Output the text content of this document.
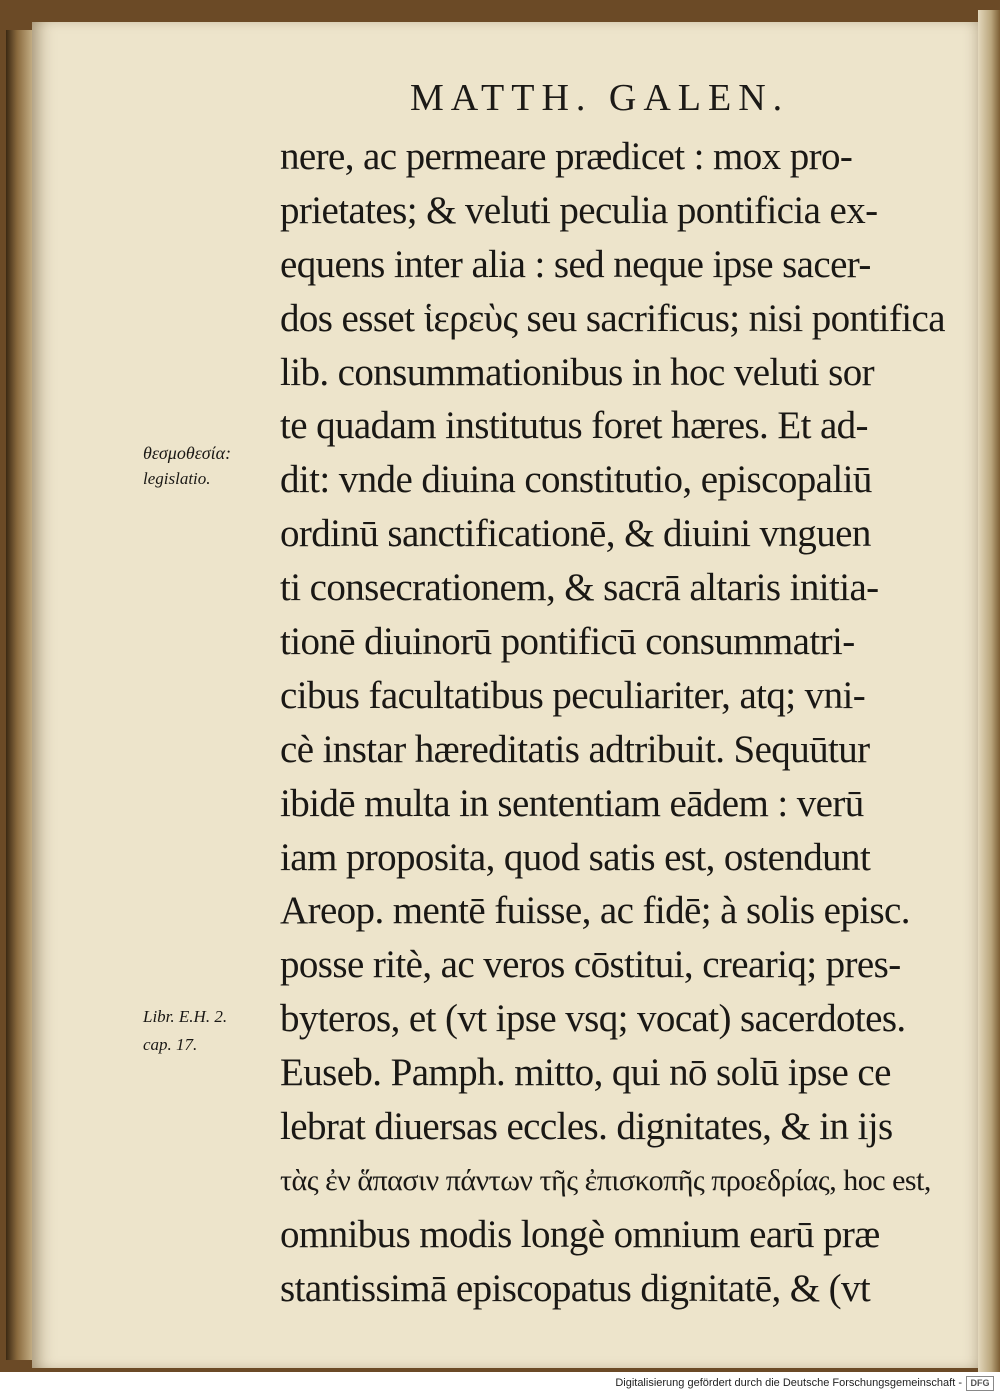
MATTH. GALEN.
θεσμοθεσία:
legislatio.
Libr. E.H. 2.
cap. 17.
nere, ac permeare prædicet : mox pro-
prietates; & veluti peculia pontificia ex-
equens inter alia : sed neque ipse sacer-
dos esset ἱερεὺς seu sacrificus; nisi pontifica
lib. consummationibus in hoc veluti sor
te quadam institutus foret hæres. Et ad-
dit: vnde diuina constitutio, episcopaliū
ordinū sanctificationē, & diuini vnguen
ti consecrationem, & sacrā altaris initia-
tionē diuinorū pontificū consummatri-
cibus facultatibus peculiariter, atq; vni-
cè instar hæreditatis adtribuit. Sequūtur
ibidē multa in sententiam eādem : verū
iam proposita, quod satis est, ostendunt
Areop. mentē fuisse, ac fidē; à solis episc.
posse ritè, ac veros cōstitui, creariq; pres-
byteros, et (vt ipse vsq; vocat) sacerdotes.
Euseb. Pamph. mitto, qui nō solū ipse ce
lebrat diuersas eccles. dignitates, & in ijs
τὰς ἐν ἅπασιν πάντων τῆς ἐπισκοπῆς προεδρίας, hoc est,
omnibus modis longè omnium earū præ
stantissimā episcopatus dignitatē, & (vt
Digitalisierung gefördert durch die Deutsche Forschungsgemeinschaft - DFG
